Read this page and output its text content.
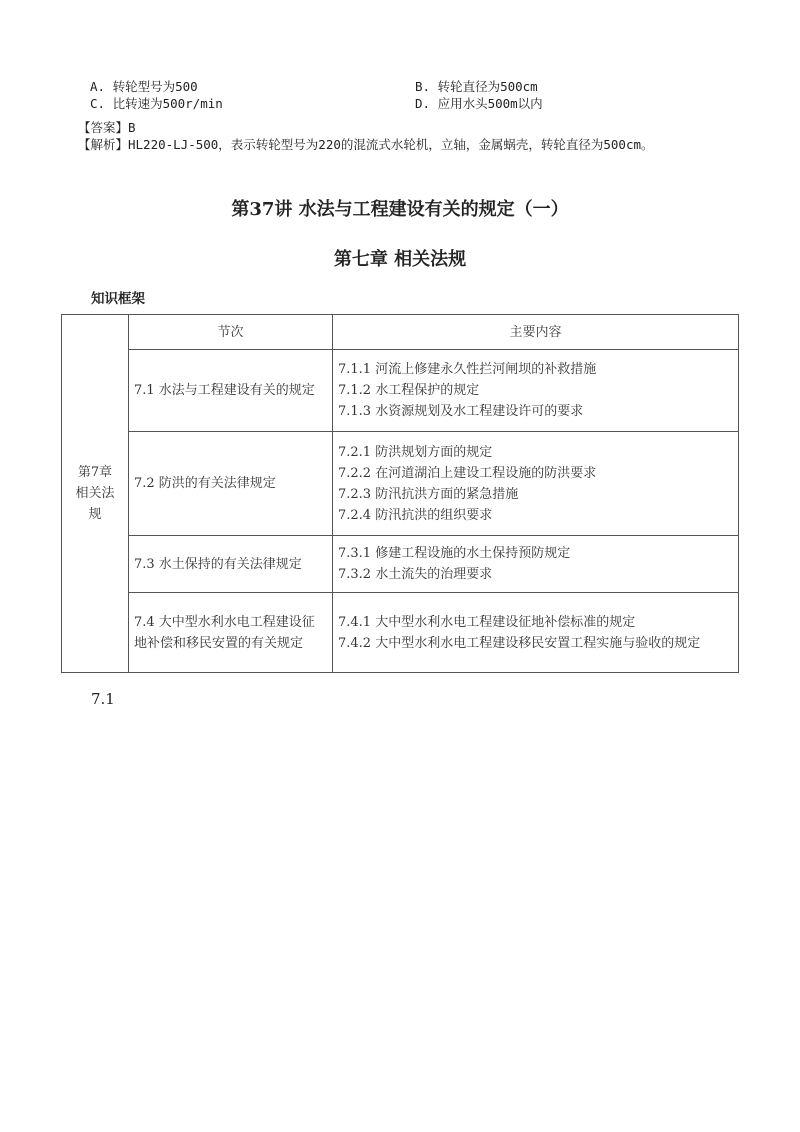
A. 转轮型号为500	B. 转轮直径为500cm
C. 比转速为500r/min	D. 应用水头500m以内
【答案】B
【解析】HL220-LJ-500，表示转轮型号为220的混流式水轮机，立轴，金属蜗壳，转轮直径为500cm。
第37讲 水法与工程建设有关的规定（一）
第七章 相关法规
知识框架
第7章
相关法
规	节次	主要内容
	7.1 水法与工程建设有关的规定	7.1.1 河流上修建永久性拦河闸坝的补救措施
7.1.2 水工程保护的规定
7.1.3 水资源规划及水工程建设许可的要求

	7.2 防洪的有关法律规定	7.2.1 防洪规划方面的规定
7.2.2 在河道湖泊上建设工程设施的防洪要求
7.2.3 防汛抗洪方面的紧急措施
7.2.4 防汛抗洪的组织要求

	7.3 水土保持的有关法律规定	7.3.1 修建工程设施的水土保持预防规定
7.3.2 水土流失的治理要求

	7.4 大中型水利水电工程建设征地补偿和移民安置的有关规定	7.4.1 大中型水利水电工程建设征地补偿标准的规定
7.4.2 大中型水利水电工程建设移民安置工程实施与验收的规定
7.1
